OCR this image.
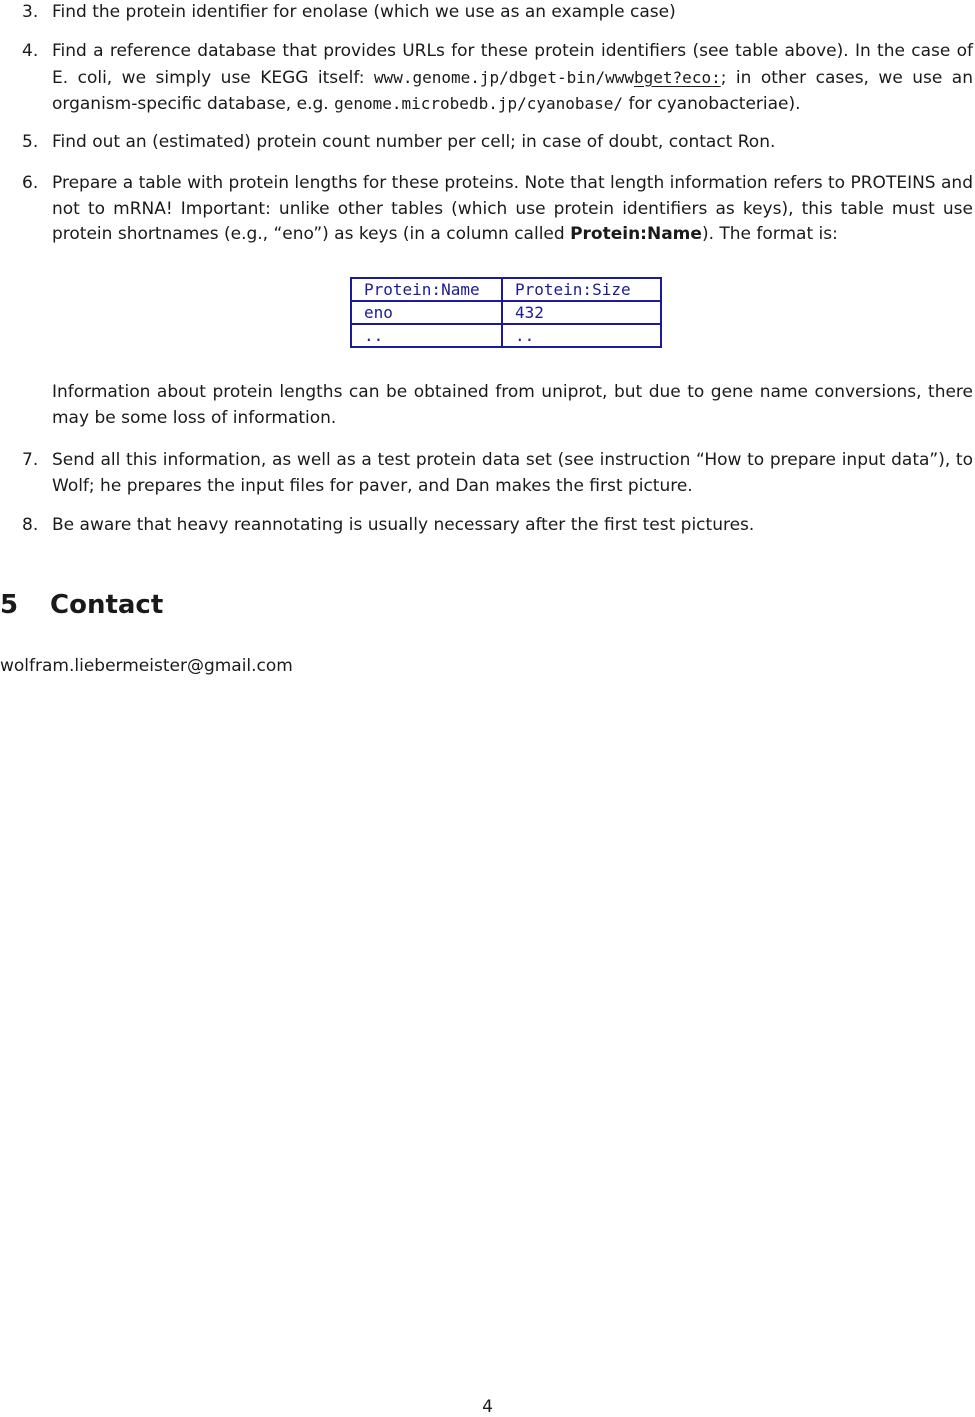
3. Find the protein identifier for enolase (which we use as an example case)
4. Find a reference database that provides URLs for these protein identifiers (see table above). In the case of E. coli, we simply use KEGG itself: www.genome.jp/dbget-bin/wwwbget?eco:; in other cases, we use an organism-specific database, e.g. genome.microbedb.jp/cyanobase/ for cyanobacteriae).
5. Find out an (estimated) protein count number per cell; in case of doubt, contact Ron.
6. Prepare a table with protein lengths for these proteins. Note that length information refers to PROTEINS and not to mRNA! Important: unlike other tables (which use protein identifiers as keys), this table must use protein shortnames (e.g., “eno”) as keys (in a column called Protein:Name). The format is:
7. Send all this information, as well as a test protein data set (see instruction “How to prepare input data”), to Wolf; he prepares the input files for paver, and Dan makes the first picture.
8. Be aware that heavy reannotating is usually necessary after the first test pictures.
Protein:Name	Protein:Size
eno	432
..	..

Information about protein lengths can be obtained from uniprot, but due to gene name conversions, there may be some loss of information.

5 Contact
wolfram.liebermeister@gmail.com
4
